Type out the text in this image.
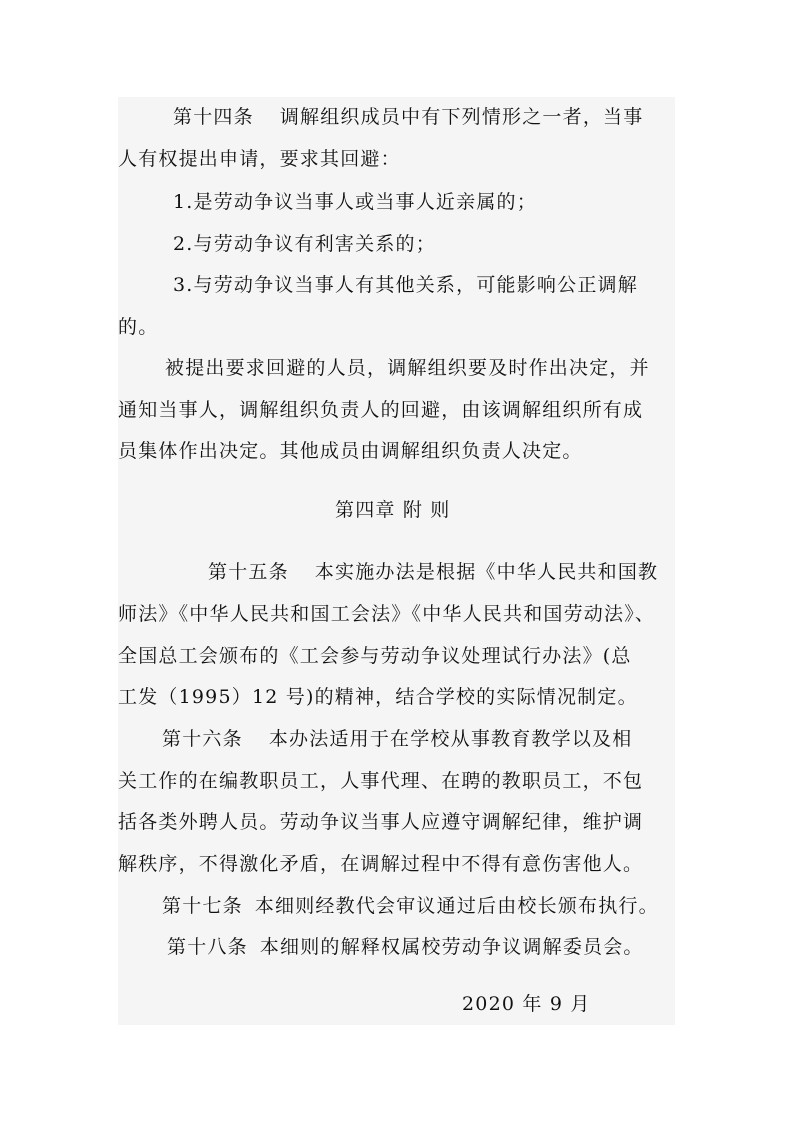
第十四条 调解组织成员中有下列情形之一者，当事
人有权提出申请，要求其回避：
1.是劳动争议当事人或当事人近亲属的；
2.与劳动争议有利害关系的；
3.与劳动争议当事人有其他关系，可能影响公正调解
的。
被提出要求回避的人员，调解组织要及时作出决定，并
通知当事人，调解组织负责人的回避，由该调解组织所有成
员集体作出决定。其他成员由调解组织负责人决定。
第四章 附 则
第十五条 本实施办法是根据《中华人民共和国教
师法》《中华人民共和国工会法》《中华人民共和国劳动法》、
全国总工会颁布的《工会参与劳动争议处理试行办法》(总
工发（1995）12 号)的精神，结合学校的实际情况制定。
第十六条 本办法适用于在学校从事教育教学以及相
关工作的在编教职员工，人事代理、在聘的教职员工，不包
括各类外聘人员。劳动争议当事人应遵守调解纪律，维护调
解秩序，不得激化矛盾，在调解过程中不得有意伤害他人。
第十七条 本细则经教代会审议通过后由校长颁布执行。
第十八条 本细则的解释权属校劳动争议调解委员会。
2020 年 9 月
